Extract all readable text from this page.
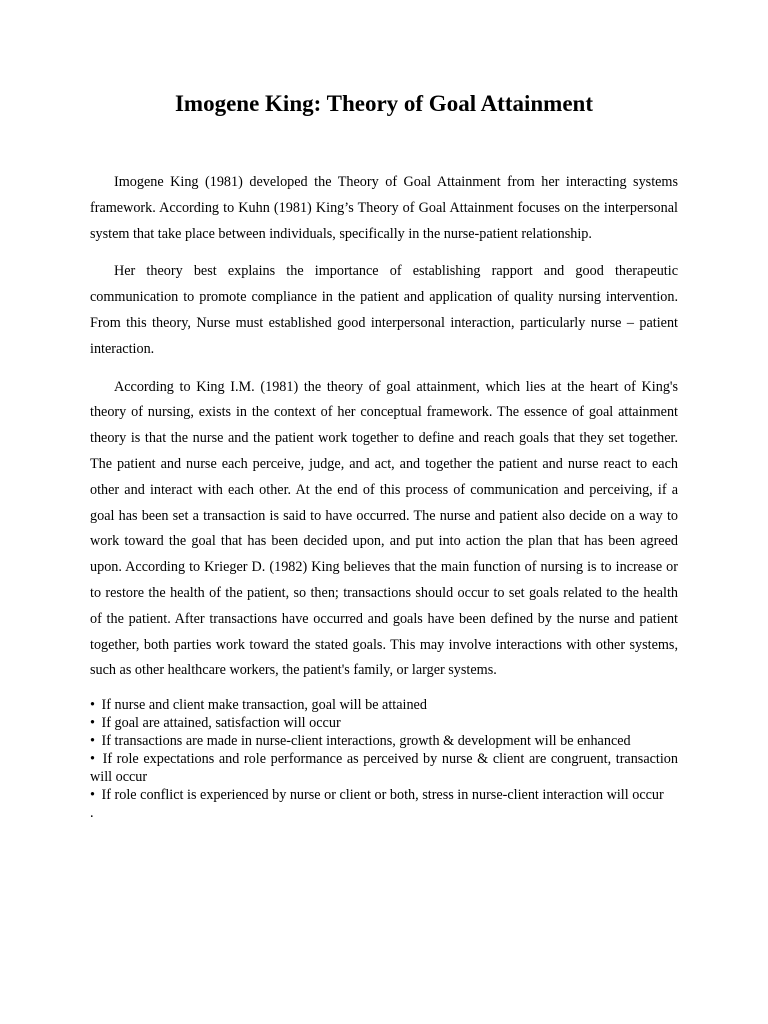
Imogene King: Theory of Goal Attainment

Imogene King (1981) developed the Theory of Goal Attainment from her interacting systems framework. According to Kuhn (1981) King’s Theory of Goal Attainment focuses on the interpersonal system that take place between individuals, specifically in the nurse-patient relationship.

Her theory best explains the importance of establishing rapport and good therapeutic communication to promote compliance in the patient and application of quality nursing intervention. From this theory, Nurse must established good interpersonal interaction, particularly nurse – patient interaction.

According to King I.M. (1981) the theory of goal attainment, which lies at the heart of King's theory of nursing, exists in the context of her conceptual framework. The essence of goal attainment theory is that the nurse and the patient work together to define and reach goals that they set together. The patient and nurse each perceive, judge, and act, and together the patient and nurse react to each other and interact with each other. At the end of this process of communication and perceiving, if a goal has been set a transaction is said to have occurred. The nurse and patient also decide on a way to work toward the goal that has been decided upon, and put into action the plan that has been agreed upon. According to Krieger D. (1982) King believes that the main function of nursing is to increase or to restore the health of the patient, so then; transactions should occur to set goals related to the health of the patient. After transactions have occurred and goals have been defined by the nurse and patient together, both parties work toward the stated goals. This may involve interactions with other systems, such as other healthcare workers, the patient's family, or larger systems.

• If nurse and client make transaction, goal will be attained
• If goal are attained, satisfaction will occur
• If transactions are made in nurse-client interactions, growth & development will be enhanced
• If role expectations and role performance as perceived by nurse & client are congruent, transaction will occur
• If role conflict is experienced by nurse or client or both, stress in nurse-client interaction will occur

.
